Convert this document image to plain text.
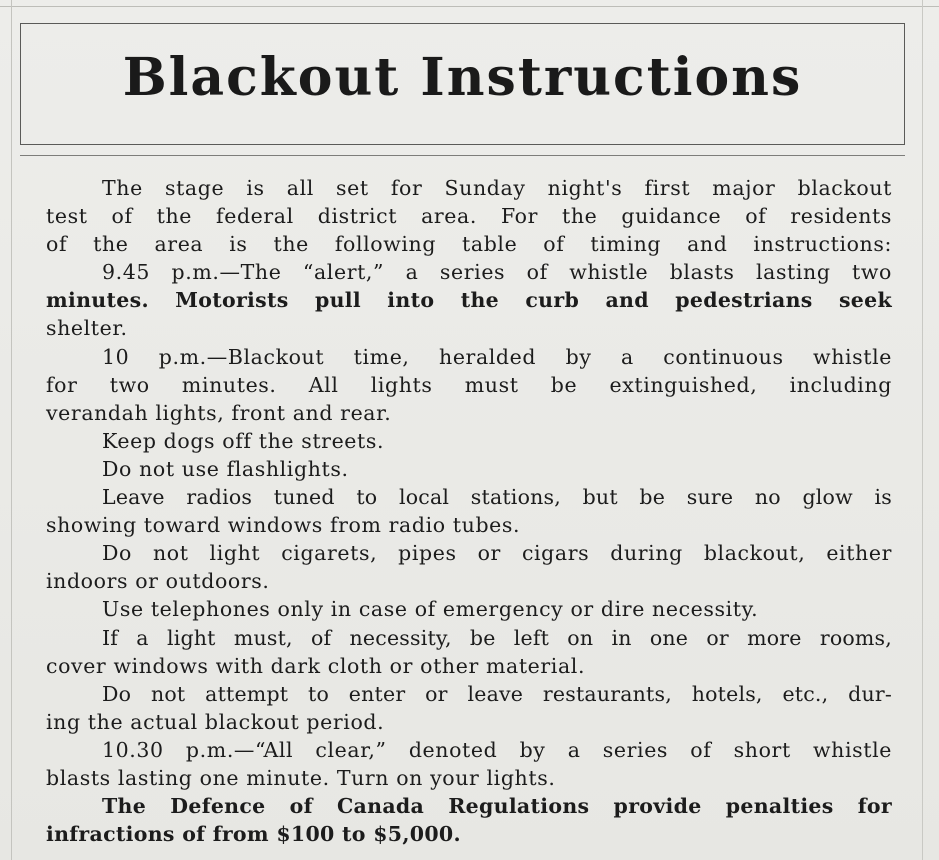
Blackout Instructions
The stage is all set for Sunday night's first major blackout
test of the federal district area. For the guidance of residents
of the area is the following table of timing and instructions:
9.45 p.m.—The “alert,” a series of whistle blasts lasting two
minutes. Motorists pull into the curb and pedestrians seek
shelter.
10 p.m.—Blackout time, heralded by a continuous whistle
for two minutes. All lights must be extinguished, including
verandah lights, front and rear.
Keep dogs off the streets.
Do not use flashlights.
Leave radios tuned to local stations, but be sure no glow is
showing toward windows from radio tubes.
Do not light cigarets, pipes or cigars during blackout, either
indoors or outdoors.
Use telephones only in case of emergency or dire necessity.
If a light must, of necessity, be left on in one or more rooms,
cover windows with dark cloth or other material.
Do not attempt to enter or leave restaurants, hotels, etc., dur-
ing the actual blackout period.
10.30 p.m.—“All clear,” denoted by a series of short whistle
blasts lasting one minute. Turn on your lights.
The Defence of Canada Regulations provide penalties for
infractions of from $100 to $5,000.
